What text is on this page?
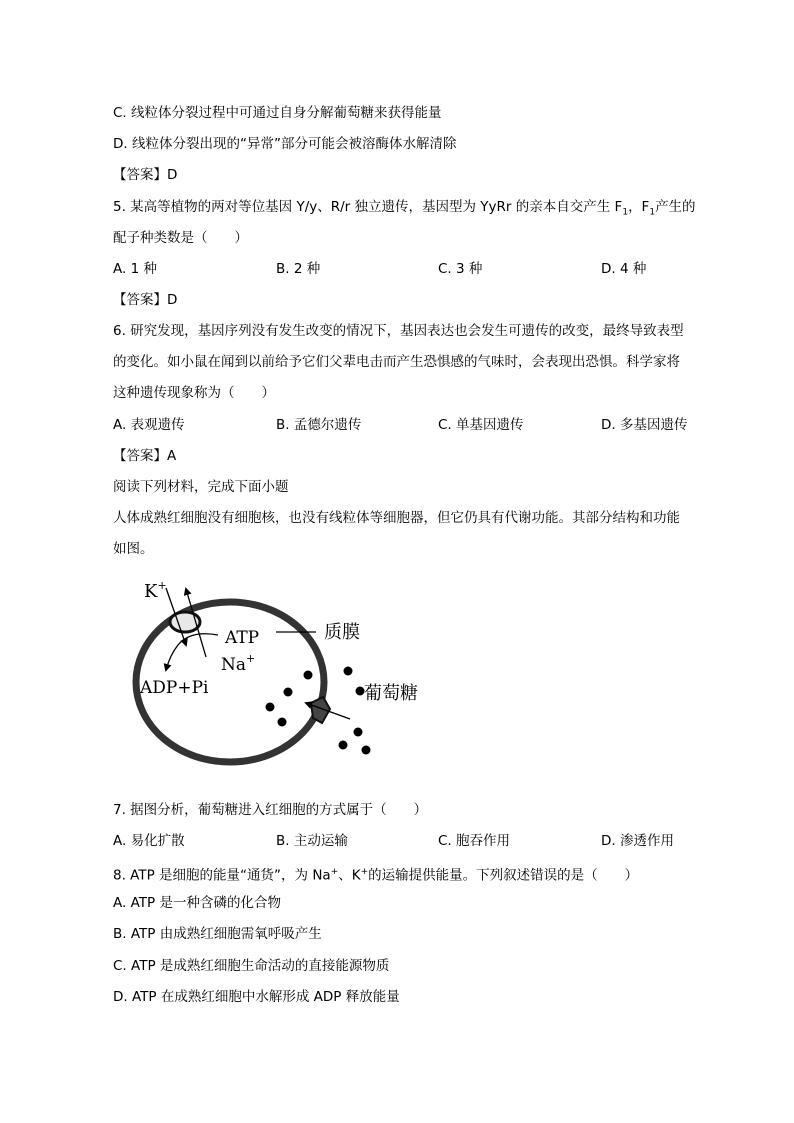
C. 线粒体分裂过程中可通过自身分解葡萄糖来获得能量
D. 线粒体分裂出现的“异常”部分可能会被溶酶体水解清除
【答案】D
5. 某高等植物的两对等位基因 Y/y、R/r 独立遗传，基因型为 YyRr 的亲本自交产生 $F_1$，$F_1$产生的
配子种类数是（　　）
A. 1 种	B. 2 种	C. 3 种	D. 4 种
【答案】D
6. 研究发现，基因序列没有发生改变的情况下，基因表达也会发生可遗传的改变，最终导致表型
的变化。如小鼠在闻到以前给予它们父辈电击而产生恐惧感的气味时，会表现出恐惧。科学家将
这种遗传现象称为（　　）
A. 表观遗传	B. 孟德尔遗传	C. 单基因遗传	D. 多基因遗传
【答案】A
阅读下列材料，完成下面小题
人体成熟红细胞没有细胞核，也没有线粒体等细胞器，但它仍具有代谢功能。其部分结构和功能
如图。
K+
ATP
Na+
ADP+Pi
质膜
葡萄糖
7. 据图分析，葡萄糖进入红细胞的方式属于（　　）
A. 易化扩散	B. 主动运输	C. 胞吞作用	D. 渗透作用
8. ATP 是细胞的能量“通货”，为 Na+、K+的运输提供能量。下列叙述错误的是（　　）
A. ATP 是一种含磷的化合物
B. ATP 由成熟红细胞需氧呼吸产生
C. ATP 是成熟红细胞生命活动的直接能源物质
D. ATP 在成熟红细胞中水解形成 ADP 释放能量
